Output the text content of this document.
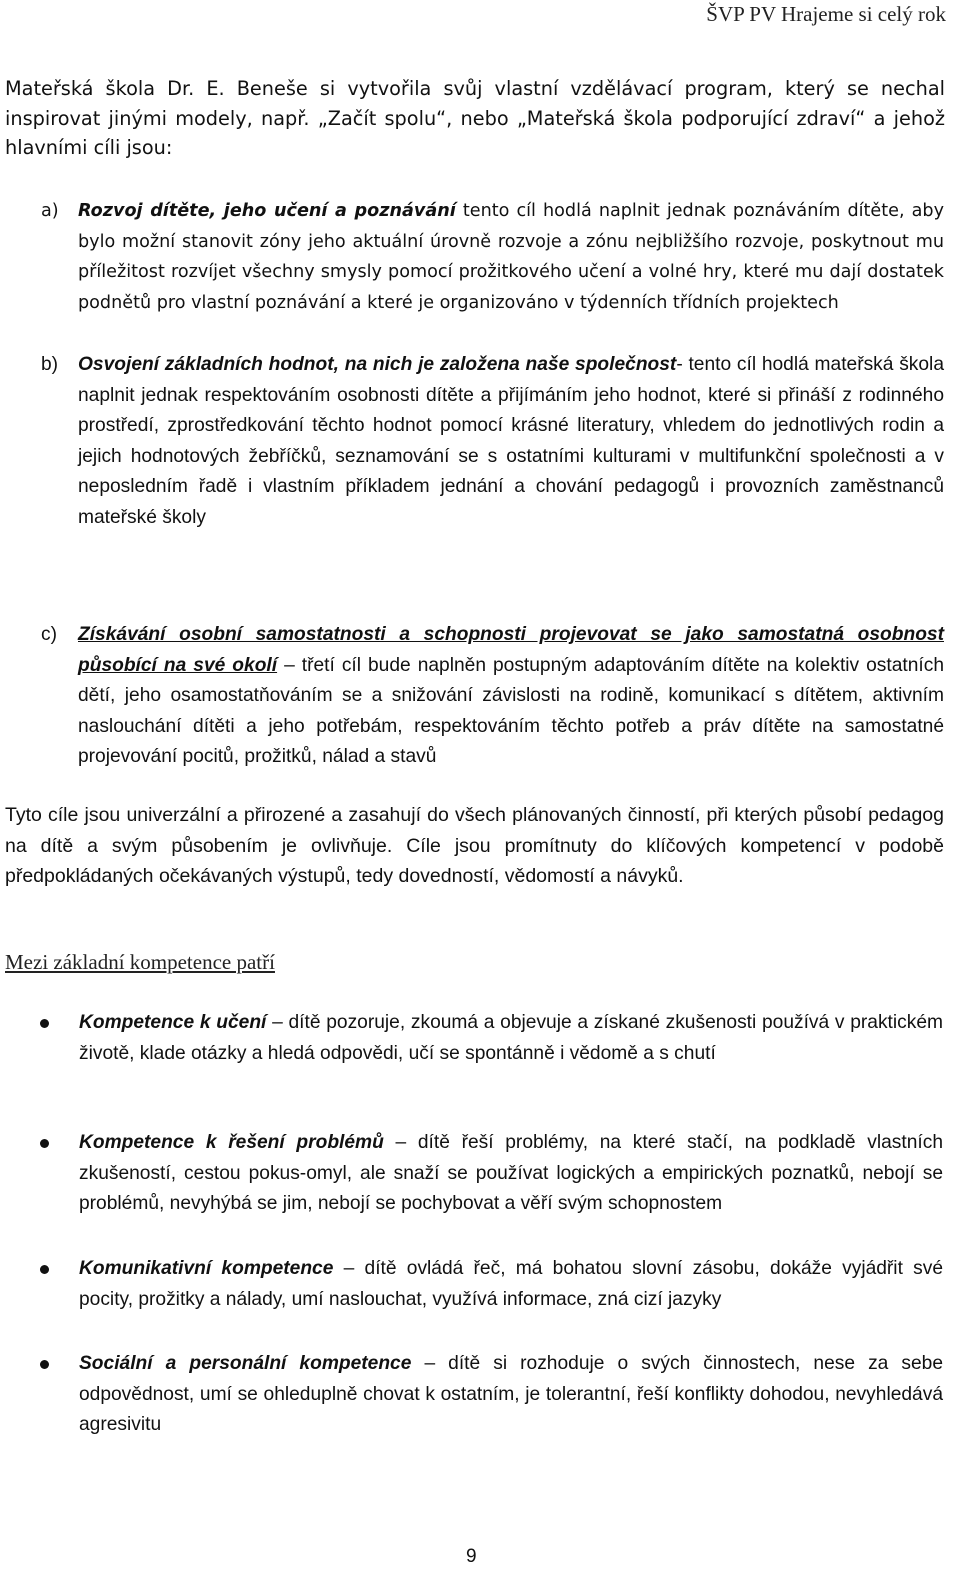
ŠVP PV Hrajeme si celý rok
Mateřská škola Dr. E. Beneše si vytvořila svůj vlastní vzdělávací program, který se nechal inspirovat jinými modely, např. „Začít spolu“, nebo „Mateřská škola podporující zdraví“ a jehož hlavními cíli jsou:
a) Rozvoj dítěte, jeho učení a poznávání tento cíl hodlá naplnit jednak poznáváním dítěte, aby bylo možní stanovit zóny jeho aktuální úrovně rozvoje a zónu nejbližšího rozvoje, poskytnout mu příležitost rozvíjet všechny smysly pomocí prožitkového učení a volné hry, které mu dají dostatek podnětů pro vlastní poznávání a které je organizováno v týdenních třídních projektech
b) Osvojení základních hodnot, na nich je založena naše společnost- tento cíl hodlá mateřská škola naplnit jednak respektováním osobnosti dítěte a přijímáním jeho hodnot, které si přináší z rodinného prostředí, zprostředkování těchto hodnot pomocí krásné literatury, vhledem do jednotlivých rodin a jejich hodnotových žebříčků, seznamování se s ostatními kulturami v multifunkční společnosti a v neposledním řadě i vlastním příkladem jednání a chování pedagogů i provozních zaměstnanců mateřské školy
c) Získávání osobní samostatnosti a schopnosti projevovat se jako samostatná osobnost působící na své okolí – třetí cíl bude naplněn postupným adaptováním dítěte na kolektiv ostatních dětí, jeho osamostatňováním se a snižování závislosti na rodině, komunikací s dítětem, aktivním naslouchání dítěti a jeho potřebám, respektováním těchto potřeb a práv dítěte na samostatné projevování pocitů, prožitků, nálad a stavů
Tyto cíle jsou univerzální a přirozené a zasahují do všech plánovaných činností, při kterých působí pedagog na dítě a svým působením je ovlivňuje. Cíle jsou promítnuty do klíčových kompetencí v podobě předpokládaných očekávaných výstupů, tedy dovedností, vědomostí a návyků.
Mezi základní kompetence patří
Kompetence k učení – dítě pozoruje, zkoumá a objevuje a získané zkušenosti používá v praktickém životě, klade otázky a hledá odpovědi, učí se spontánně i vědomě a s chutí
Kompetence k řešení problémů – dítě řeší problémy, na které stačí, na podkladě vlastních zkušeností, cestou pokus-omyl, ale snaží se používat logických a empirických poznatků, nebojí se problémů, nevyhýbá se jim, nebojí se pochybovat a věří svým schopnostem
Komunikativní kompetence – dítě ovládá řeč, má bohatou slovní zásobu, dokáže vyjádřit své pocity, prožitky a nálady, umí naslouchat, využívá informace, zná cizí jazyky
Sociální a personální kompetence – dítě si rozhoduje o svých činnostech, nese za sebe odpovědnost, umí se ohleduplně chovat k ostatním, je tolerantní, řeší konflikty dohodou, nevyhledává agresivitu
9
